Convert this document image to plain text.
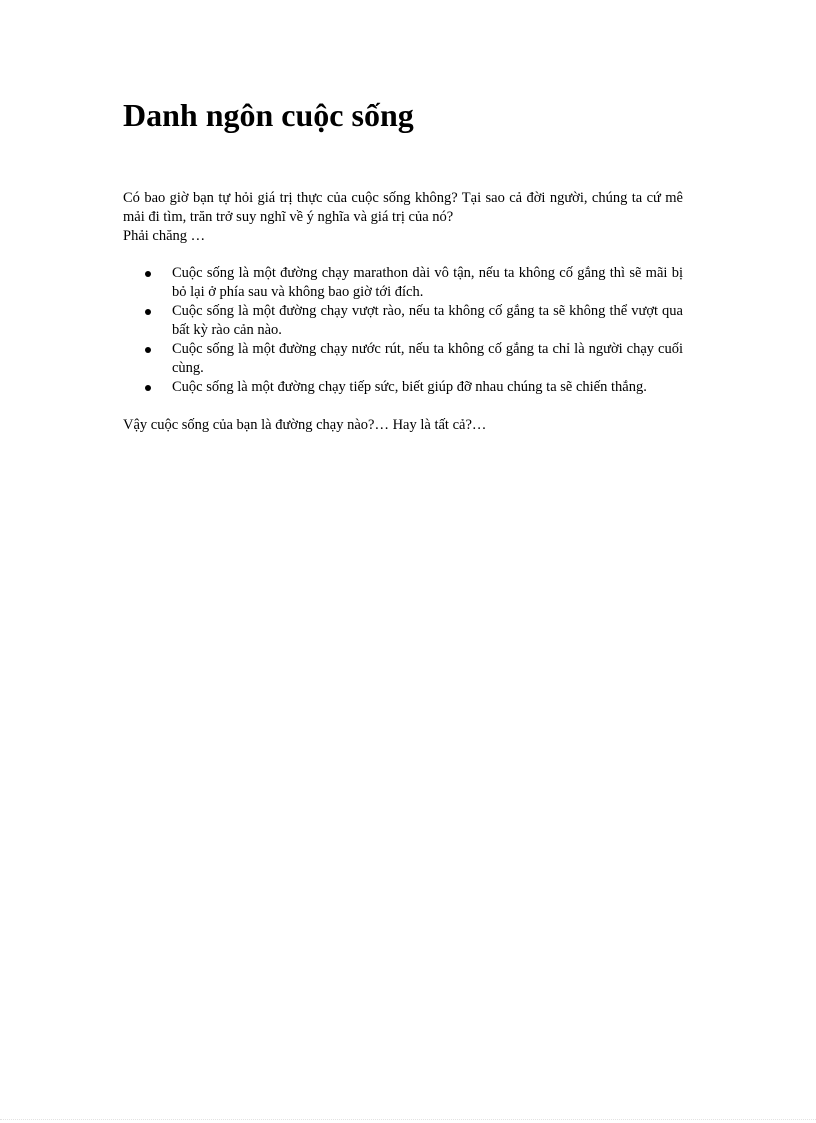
Danh ngôn cuộc sống

Có bao giờ bạn tự hỏi giá trị thực của cuộc sống không? Tại sao cả đời người, chúng ta cứ mê mải đi tìm, trăn trở suy nghĩ về ý nghĩa và giá trị của nó?

Phải chăng …

Cuộc sống là một đường chạy marathon dài vô tận, nếu ta không cố gắng thì sẽ mãi bị bỏ lại ở phía sau và không bao giờ tới đích.
Cuộc sống là một đường chạy vượt rào, nếu ta không cố gắng ta sẽ không thể vượt qua bất kỳ rào cản nào.
Cuộc sống là một đường chạy nước rút, nếu ta không cố gắng ta chỉ là người chạy cuối cùng.
Cuộc sống là một đường chạy tiếp sức, biết giúp đỡ nhau chúng ta sẽ chiến thắng.

Vậy cuộc sống của bạn là đường chạy nào?… Hay là tất cả?…
